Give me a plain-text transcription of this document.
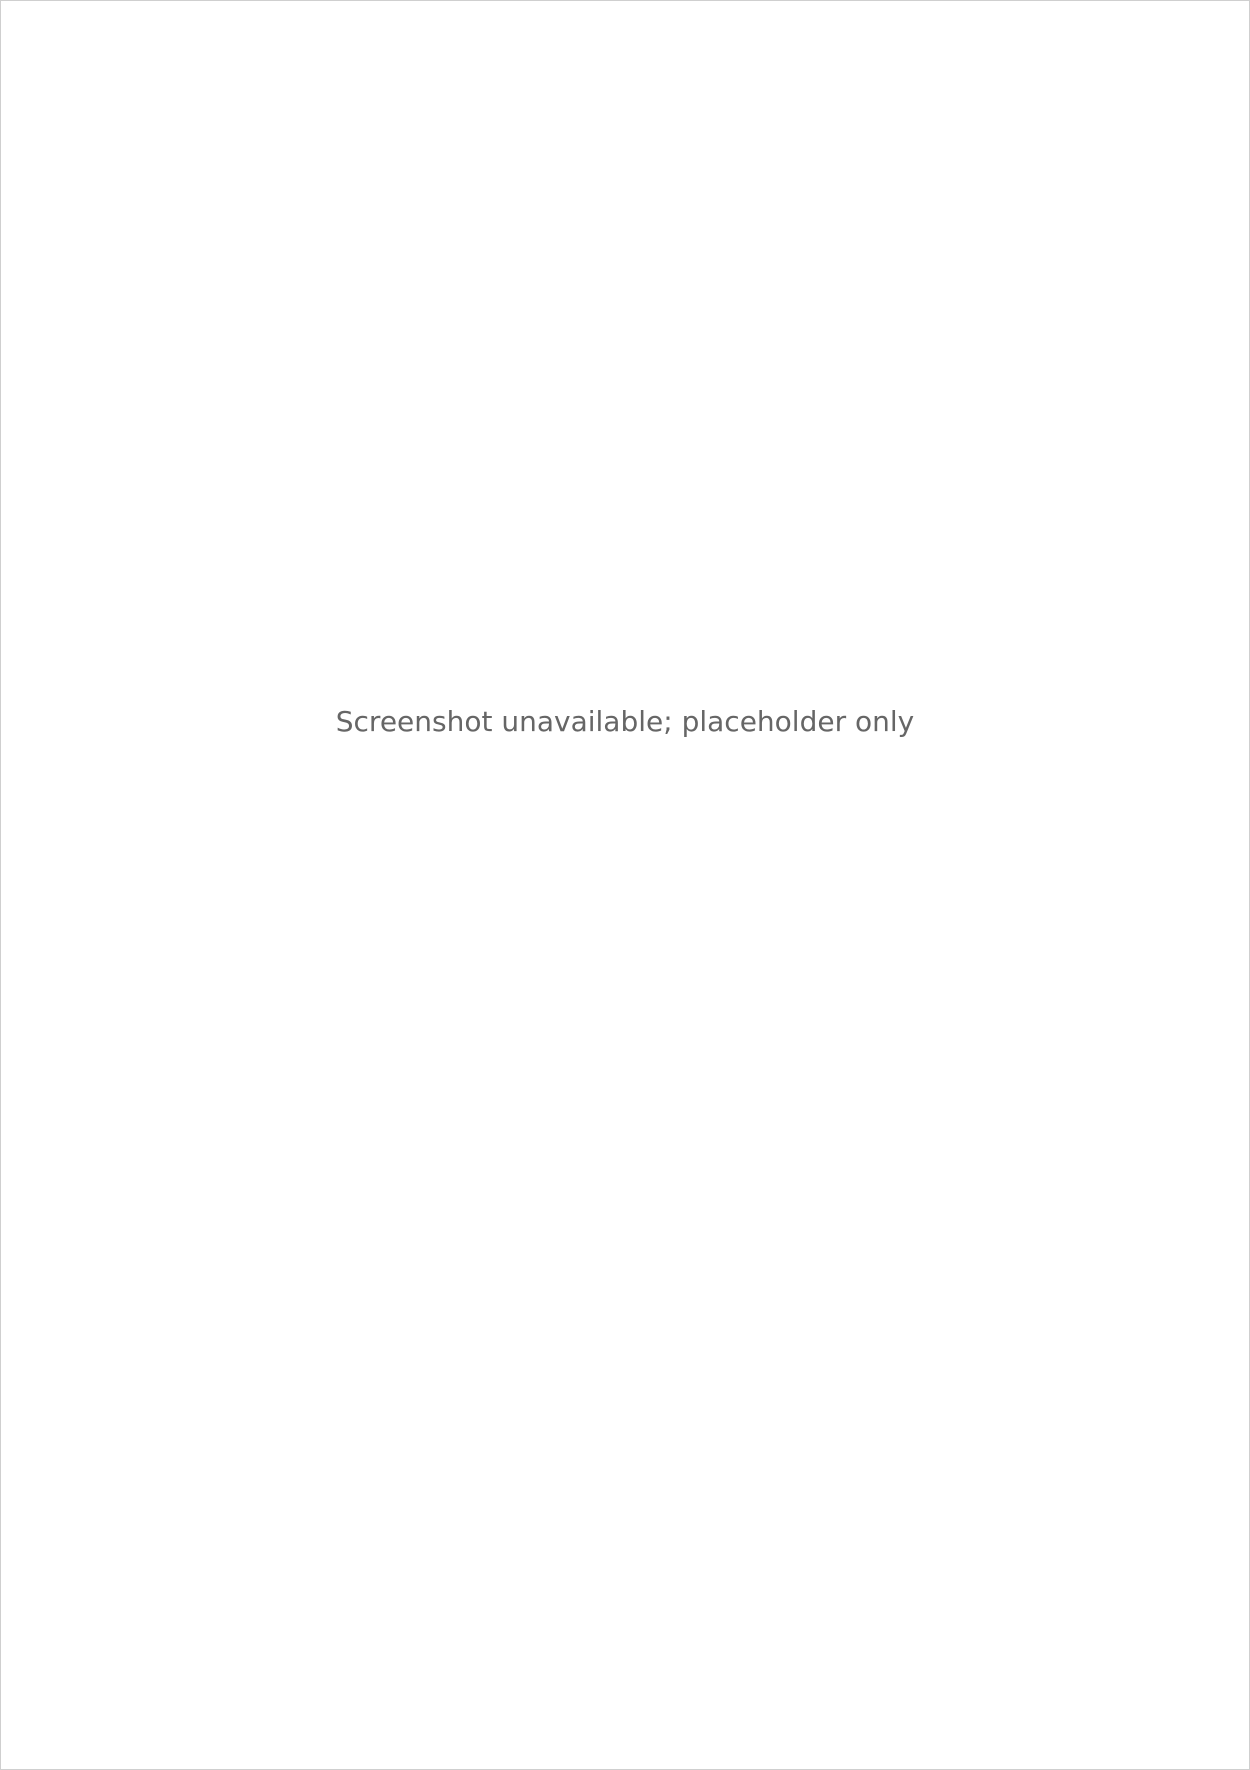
Screenshot unavailable; placeholder only
